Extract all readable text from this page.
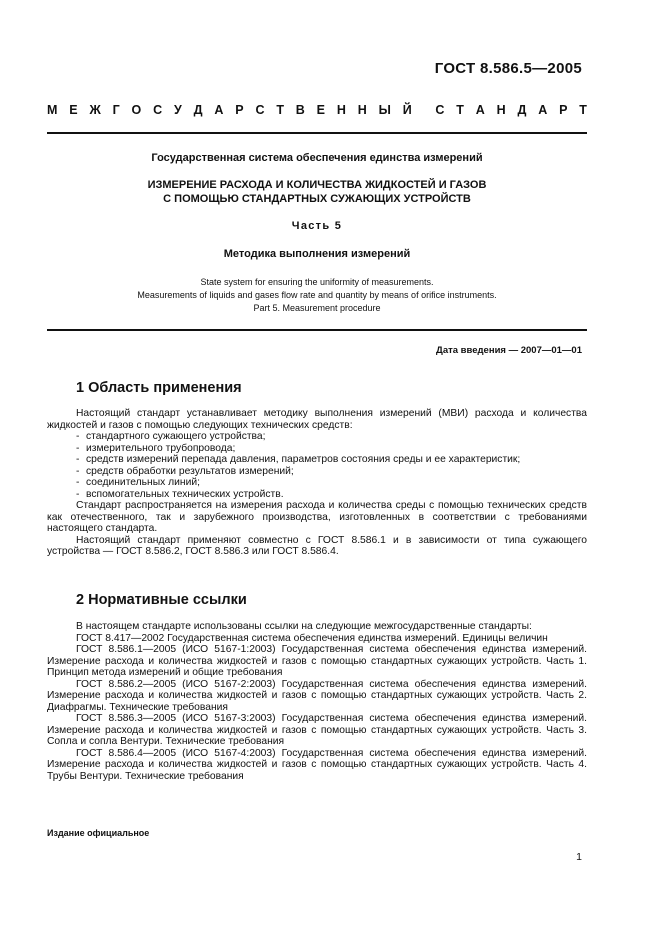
ГОСТ 8.586.5—2005
М Е Ж Г О С У Д А Р С Т В Е Н Н Ы Й С Т А Н Д А Р Т
Государственная система обеспечения единства измерений
ИЗМЕРЕНИЕ РАСХОДА И КОЛИЧЕСТВА ЖИДКОСТЕЙ И ГАЗОВ
С ПОМОЩЬЮ СТАНДАРТНЫХ СУЖАЮЩИХ УСТРОЙСТВ
Часть 5
Методика выполнения измерений
State system for ensuring the uniformity of measurements.
Measurements of liquids and gases flow rate and quantity by means of orifice instruments.
Part 5. Measurement procedure
Дата введения — 2007—01—01
1 Область применения

Настоящий стандарт устанавливает методику выполнения измерений (МВИ) расхода и количества жидкостей и газов с помощью следующих технических средств:

- стандартного сужающего устройства;

- измерительного трубопровода;

- средств измерений перепада давления, параметров состояния среды и ее характеристик;

- средств обработки результатов измерений;

- соединительных линий;

- вспомогательных технических устройств.

Стандарт распространяется на измерения расхода и количества среды с помощью технических средств как отечественного, так и зарубежного производства, изготовленных в соответствии с требованиями настоящего стандарта.

Настоящий стандарт применяют совместно с ГОСТ 8.586.1 и в зависимости от типа сужающего устройства — ГОСТ 8.586.2, ГОСТ 8.586.3 или ГОСТ 8.586.4.

2 Нормативные ссылки

В настоящем стандарте использованы ссылки на следующие межгосударственные стандарты:

ГОСТ 8.417—2002 Государственная система обеспечения единства измерений. Единицы величин

ГОСТ 8.586.1—2005 (ИСО 5167-1:2003) Государственная система обеспечения единства измерений. Измерение расхода и количества жидкостей и газов с помощью стандартных сужающих устройств. Часть 1. Принцип метода измерений и общие требования

ГОСТ 8.586.2—2005 (ИСО 5167-2:2003) Государственная система обеспечения единства измерений. Измерение расхода и количества жидкостей и газов с помощью стандартных сужающих устройств. Часть 2. Диафрагмы. Технические требования

ГОСТ 8.586.3—2005 (ИСО 5167-3:2003) Государственная система обеспечения единства измерений. Измерение расхода и количества жидкостей и газов с помощью стандартных сужающих устройств. Часть 3. Сопла и сопла Вентури. Технические требования

ГОСТ 8.586.4—2005 (ИСО 5167-4:2003) Государственная система обеспечения единства измерений. Измерение расхода и количества жидкостей и газов с помощью стандартных сужающих устройств. Часть 4. Трубы Вентури. Технические требования

Издание официальное
1
